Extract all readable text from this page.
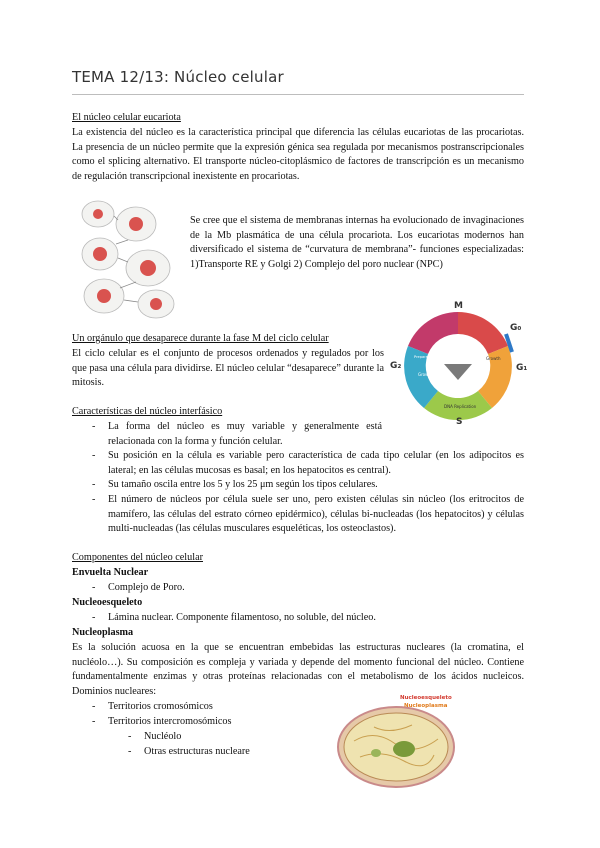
TEMA 12/13: Núcleo celular
El núcleo celular eucariota
La existencia del núcleo es la característica principal que diferencia las células eucariotas de las procariotas. La presencia de un núcleo permite que la expresión génica sea regulada por mecanismos postranscripcionales como el splicing alternativo. El transporte núcleo-citoplásmico de factores de transcripción es un mecanismo de regulación transcripcional inexistente en procariotas.
Se cree que el sistema de membranas internas ha evolucionado de invaginaciones de la Mb plasmática de una célula procariota. Los eucariotas modernos han diversificado el sistema de “curvatura de membrana”- funciones especializadas: 1)Transporte RE y Golgi 2) Complejo del poro nuclear (NPC)
M
G₀
G₁
S
G₂
Growth
Preparation for Mitosis
Growth
DNA Replication
Un orgánulo que desaparece durante la fase M del ciclo celular
El ciclo celular es el conjunto de procesos ordenados y regulados por los que pasa una célula para dividirse. El núcleo celular “desaparece” durante la mitosis.
Características del núcleo interfásico
- La forma del núcleo es muy variable y generalmente está relacionada con la forma y función celular.
- Su posición en la célula es variable pero característica de cada tipo celular (en los adipocitos es lateral; en las células mucosas es basal; en los hepatocitos es central).
- Su tamaño oscila entre los 5 y los 25 μm según los tipos celulares.
- El número de núcleos por célula suele ser uno, pero existen células sin núcleo (los eritrocitos de mamífero, las células del estrato córneo epidérmico), células bi-nucleadas (los hepatocitos) y células multi-nucleadas (las células musculares esqueléticas, los osteoclastos).
Componentes del núcleo celular
Envuelta Nuclear
- Complejo de Poro.
Nucleoesqueleto
- Lámina nuclear. Componente filamentoso, no soluble, del núcleo.
Nucleoplasma
Es la solución acuosa en la que se encuentran embebidas las estructuras nucleares (la cromatina, el nucléolo…). Su composición es compleja y variada y depende del momento funcional del núcleo. Contiene fundamentalmente enzimas y otras proteínas relacionadas con el metabolismo de los ácidos nucleicos. Dominios nucleares:
- Territorios cromosómicos
- Territorios intercromosómicos
- Nucléolo
- Otras estructuras nucleare
Nucleoesqueleto
Nucleoplasma
